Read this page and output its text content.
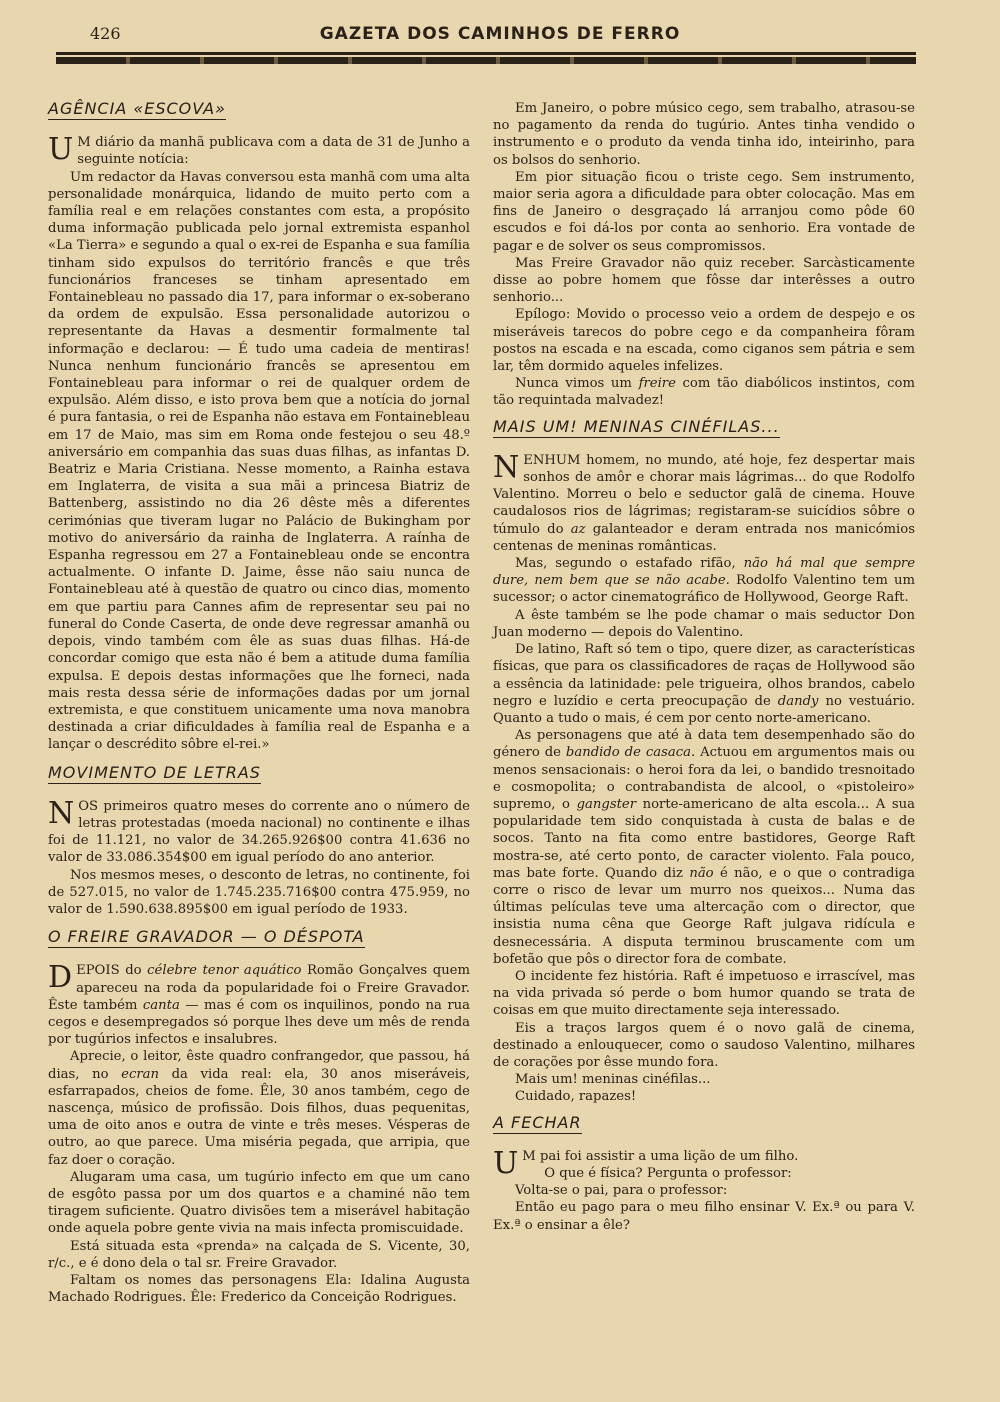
426	GAZETA DOS CAMINHOS DE FERRO
AGÊNCIA «ESCOVA»

U M diário da manhã publicava com a data de 31 de Junho a seguinte notícia:

Um redactor da Havas conversou esta manhã com uma alta personalidade monárquica, lidando de muito perto com a família real e em relações constantes com esta, a propósito duma informação publicada pelo jornal extremista espanhol «La Tierra» e segundo a qual o ex-rei de Espanha e sua família tinham sido expulsos do território francês e que três funcionários franceses se tinham apresentado em Fontainebleau no passado dia 17, para informar o ex-soberano da ordem de expulsão. Essa personalidade autorizou o representante da Havas a desmentir formalmente tal informação e declarou: — É tudo uma cadeia de mentiras! Nunca nenhum funcionário francês se apresentou em Fontainebleau para informar o rei de qualquer ordem de expulsão. Além disso, e isto prova bem que a notícia do jornal é pura fantasia, o rei de Espanha não estava em Fontainebleau em 17 de Maio, mas sim em Roma onde festejou o seu 48.º aniversário em companhia das suas duas filhas, as infantas D. Beatriz e Maria Cristiana. Nesse momento, a Rainha estava em Inglaterra, de visita a sua mãi a princesa Biatriz de Battenberg, assistindo no dia 26 dêste mês a diferentes cerimónias que tiveram lugar no Palácio de Bukingham por motivo do aniversário da rainha de Inglaterra. A raínha de Espanha regressou em 27 a Fontainebleau onde se encontra actualmente. O infante D. Jaime, êsse não saiu nunca de Fontainebleau até à questão de quatro ou cinco dias, momento em que partiu para Cannes afim de representar seu pai no funeral do Conde Caserta, de onde deve regressar amanhã ou depois, vindo também com êle as suas duas filhas. Há-de concordar comigo que esta não é bem a atitude duma família expulsa. E depois destas informações que lhe forneci, nada mais resta dessa série de informações dadas por um jornal extremista, e que constituem unicamente uma nova manobra destinada a criar dificuldades à família real de Espanha e a lançar o descrédito sôbre el-rei.»

MOVIMENTO DE LETRAS

NOS primeiros quatro meses do corrente ano o número de letras protestadas (moeda nacional) no continente e ilhas foi de 11.121, no valor de 34.265.926$00 contra 41.636 no valor de 33.086.354$00 em igual período do ano anterior.

Nos mesmos meses, o desconto de letras, no continente, foi de 527.015, no valor de 1.745.235.716$00 contra 475.959, no valor de 1.590.638.895$00 em igual período de 1933.

O FREIRE GRAVADOR — O DÉSPOTA

DEPOIS do célebre tenor aquático Romão Gonçalves quem apareceu na roda da popularidade foi o Freire Gravador. Êste também canta — mas é com os inquilinos, pondo na rua cegos e desempregados só porque lhes deve um mês de renda por tugúrios infectos e insalubres.

Aprecie, o leitor, êste quadro confrangedor, que passou, há dias, no ecran da vida real: ela, 30 anos miseráveis, esfarrapados, cheios de fome. Êle, 30 anos também, cego de nascença, músico de profissão. Dois filhos, duas pequenitas, uma de oito anos e outra de vinte e três meses. Vésperas de outro, ao que parece. Uma miséria pegada, que arripia, que faz doer o coração.

Alugaram uma casa, um tugúrio infecto em que um cano de esgôto passa por um dos quartos e a chaminé não tem tiragem suficiente. Quatro divisões tem a miserável habitação onde aquela pobre gente vivia na mais infecta promiscuidade.

Está situada esta «prenda» na calçada de S. Vicente, 30, r/c., e é dono dela o tal sr. Freire Gravador.

Faltam os nomes das personagens Ela: Idalina Augusta Machado Rodrigues. Êle: Frederico da Conceição Rodrigues.

Em Janeiro, o pobre músico cego, sem trabalho, atrasou-se no pagamento da renda do tugúrio. Antes tinha vendido o instrumento e o produto da venda tinha ido, inteirinho, para os bolsos do senhorio.

Em pior situação ficou o triste cego. Sem instrumento, maior seria agora a dificuldade para obter colocação. Mas em fins de Janeiro o desgraçado lá arranjou como pôde 60 escudos e foi dá-los por conta ao senhorio. Era vontade de pagar e de solver os seus compromissos.

Mas Freire Gravador não quiz receber. Sarcàsticamente disse ao pobre homem que fôsse dar interêsses a outro senhorio...

Epílogo: Movido o processo veio a ordem de despejo e os miseráveis tarecos do pobre cego e da companheira fôram postos na escada e na escada, como ciganos sem pátria e sem lar, têm dormido aqueles infelizes.

Nunca vimos um freire com tão diabólicos instintos, com tão requintada malvadez!

MAIS UM! MENINAS CINÉFILAS...

NENHUM homem, no mundo, até hoje, fez despertar mais sonhos de amôr e chorar mais lágrimas... do que Rodolfo Valentino. Morreu o belo e seductor galã de cinema. Houve caudalosos rios de lágrimas; registaram-se suicídios sôbre o túmulo do az galanteador e deram entrada nos manicómios centenas de meninas românticas.

Mas, segundo o estafado rifão, não há mal que sempre dure, nem bem que se não acabe. Rodolfo Valentino tem um sucessor; o actor cinematográfico de Hollywood, George Raft.

A êste também se lhe pode chamar o mais seductor Don Juan moderno — depois do Valentino.

De latino, Raft só tem o tipo, quere dizer, as características físicas, que para os classificadores de raças de Hollywood são a essência da latinidade: pele trigueira, olhos brandos, cabelo negro e luzídio e certa preocupação de dandy no vestuário. Quanto a tudo o mais, é cem por cento norte-americano.

As personagens que até à data tem desempenhado são do género de bandido de casaca. Actuou em argumentos mais ou menos sensacionais: o heroi fora da lei, o bandido tresnoitado e cosmopolita; o contrabandista de alcool, o «pistoleiro» supremo, o gangster norte-americano de alta escola... A sua popularidade tem sido conquistada à custa de balas e de socos. Tanto na fita como entre bastidores, George Raft mostra-se, até certo ponto, de caracter violento. Fala pouco, mas bate forte. Quando diz não é não, e o que o contradiga corre o risco de levar um murro nos queixos... Numa das últimas películas teve uma altercação com o director, que insistia numa cêna que George Raft julgava ridícula e desnecessária. A disputa terminou bruscamente com um bofetão que pôs o director fora de combate.

O incidente fez história. Raft é impetuoso e irrascível, mas na vida privada só perde o bom humor quando se trata de coisas em que muito directamente seja interessado.

Eis a traços largos quem é o novo galã de cinema, destinado a enlouquecer, como o saudoso Valentino, milhares de corações por êsse mundo fora.

Mais um! meninas cinéfilas...

Cuidado, rapazes!

A FECHAR

U M pai foi assistir a uma lição de um filho.

O que é física? Pergunta o professor:

Volta-se o pai, para o professor:

Então eu pago para o meu filho ensinar V. Ex.ª ou para V. Ex.ª o ensinar a êle?
